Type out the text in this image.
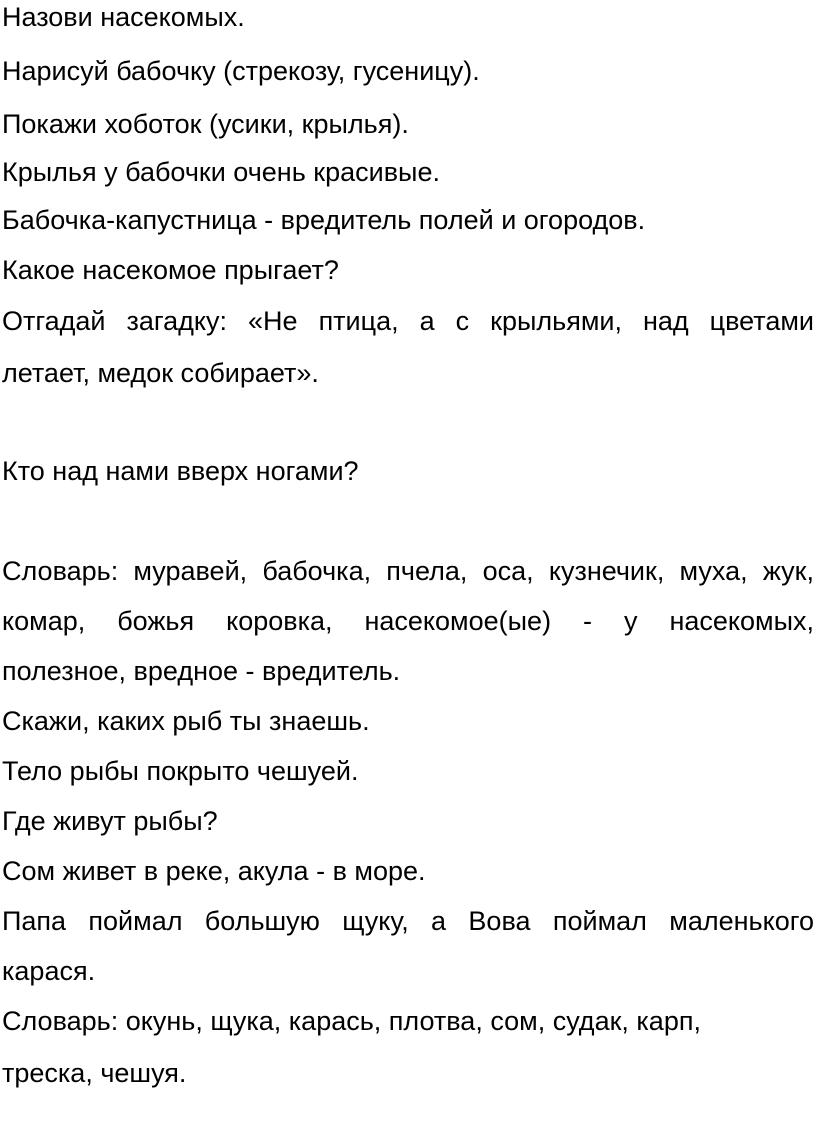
Назови насекомых.
Нарисуй бабочку (стрекозу, гусеницу).
Покажи хоботок (усики, крылья).
Крылья у бабочки очень красивые.
Бабочка-капустница - вредитель полей и огородов.
Какое насекомое прыгает?
Отгадай загадку: «Не птица, а с крыльями, над цветами
летает, медок собирает».
Кто над нами вверх ногами?
Словарь: муравей, бабочка, пчела, оса, кузнечик, муха, жук,
комар, божья коровка, насекомое(ые) - у насекомых,
полезное, вредное - вредитель.
Скажи, каких рыб ты знаешь.
Тело рыбы покрыто чешуей.
Где живут рыбы?
Сом живет в реке, акула - в море.
Папа поймал большую щуку, а Вова поймал маленького
карася.
Словарь: окунь, щука, карась, плотва, сом, судак, карп,
треска, чешуя.
